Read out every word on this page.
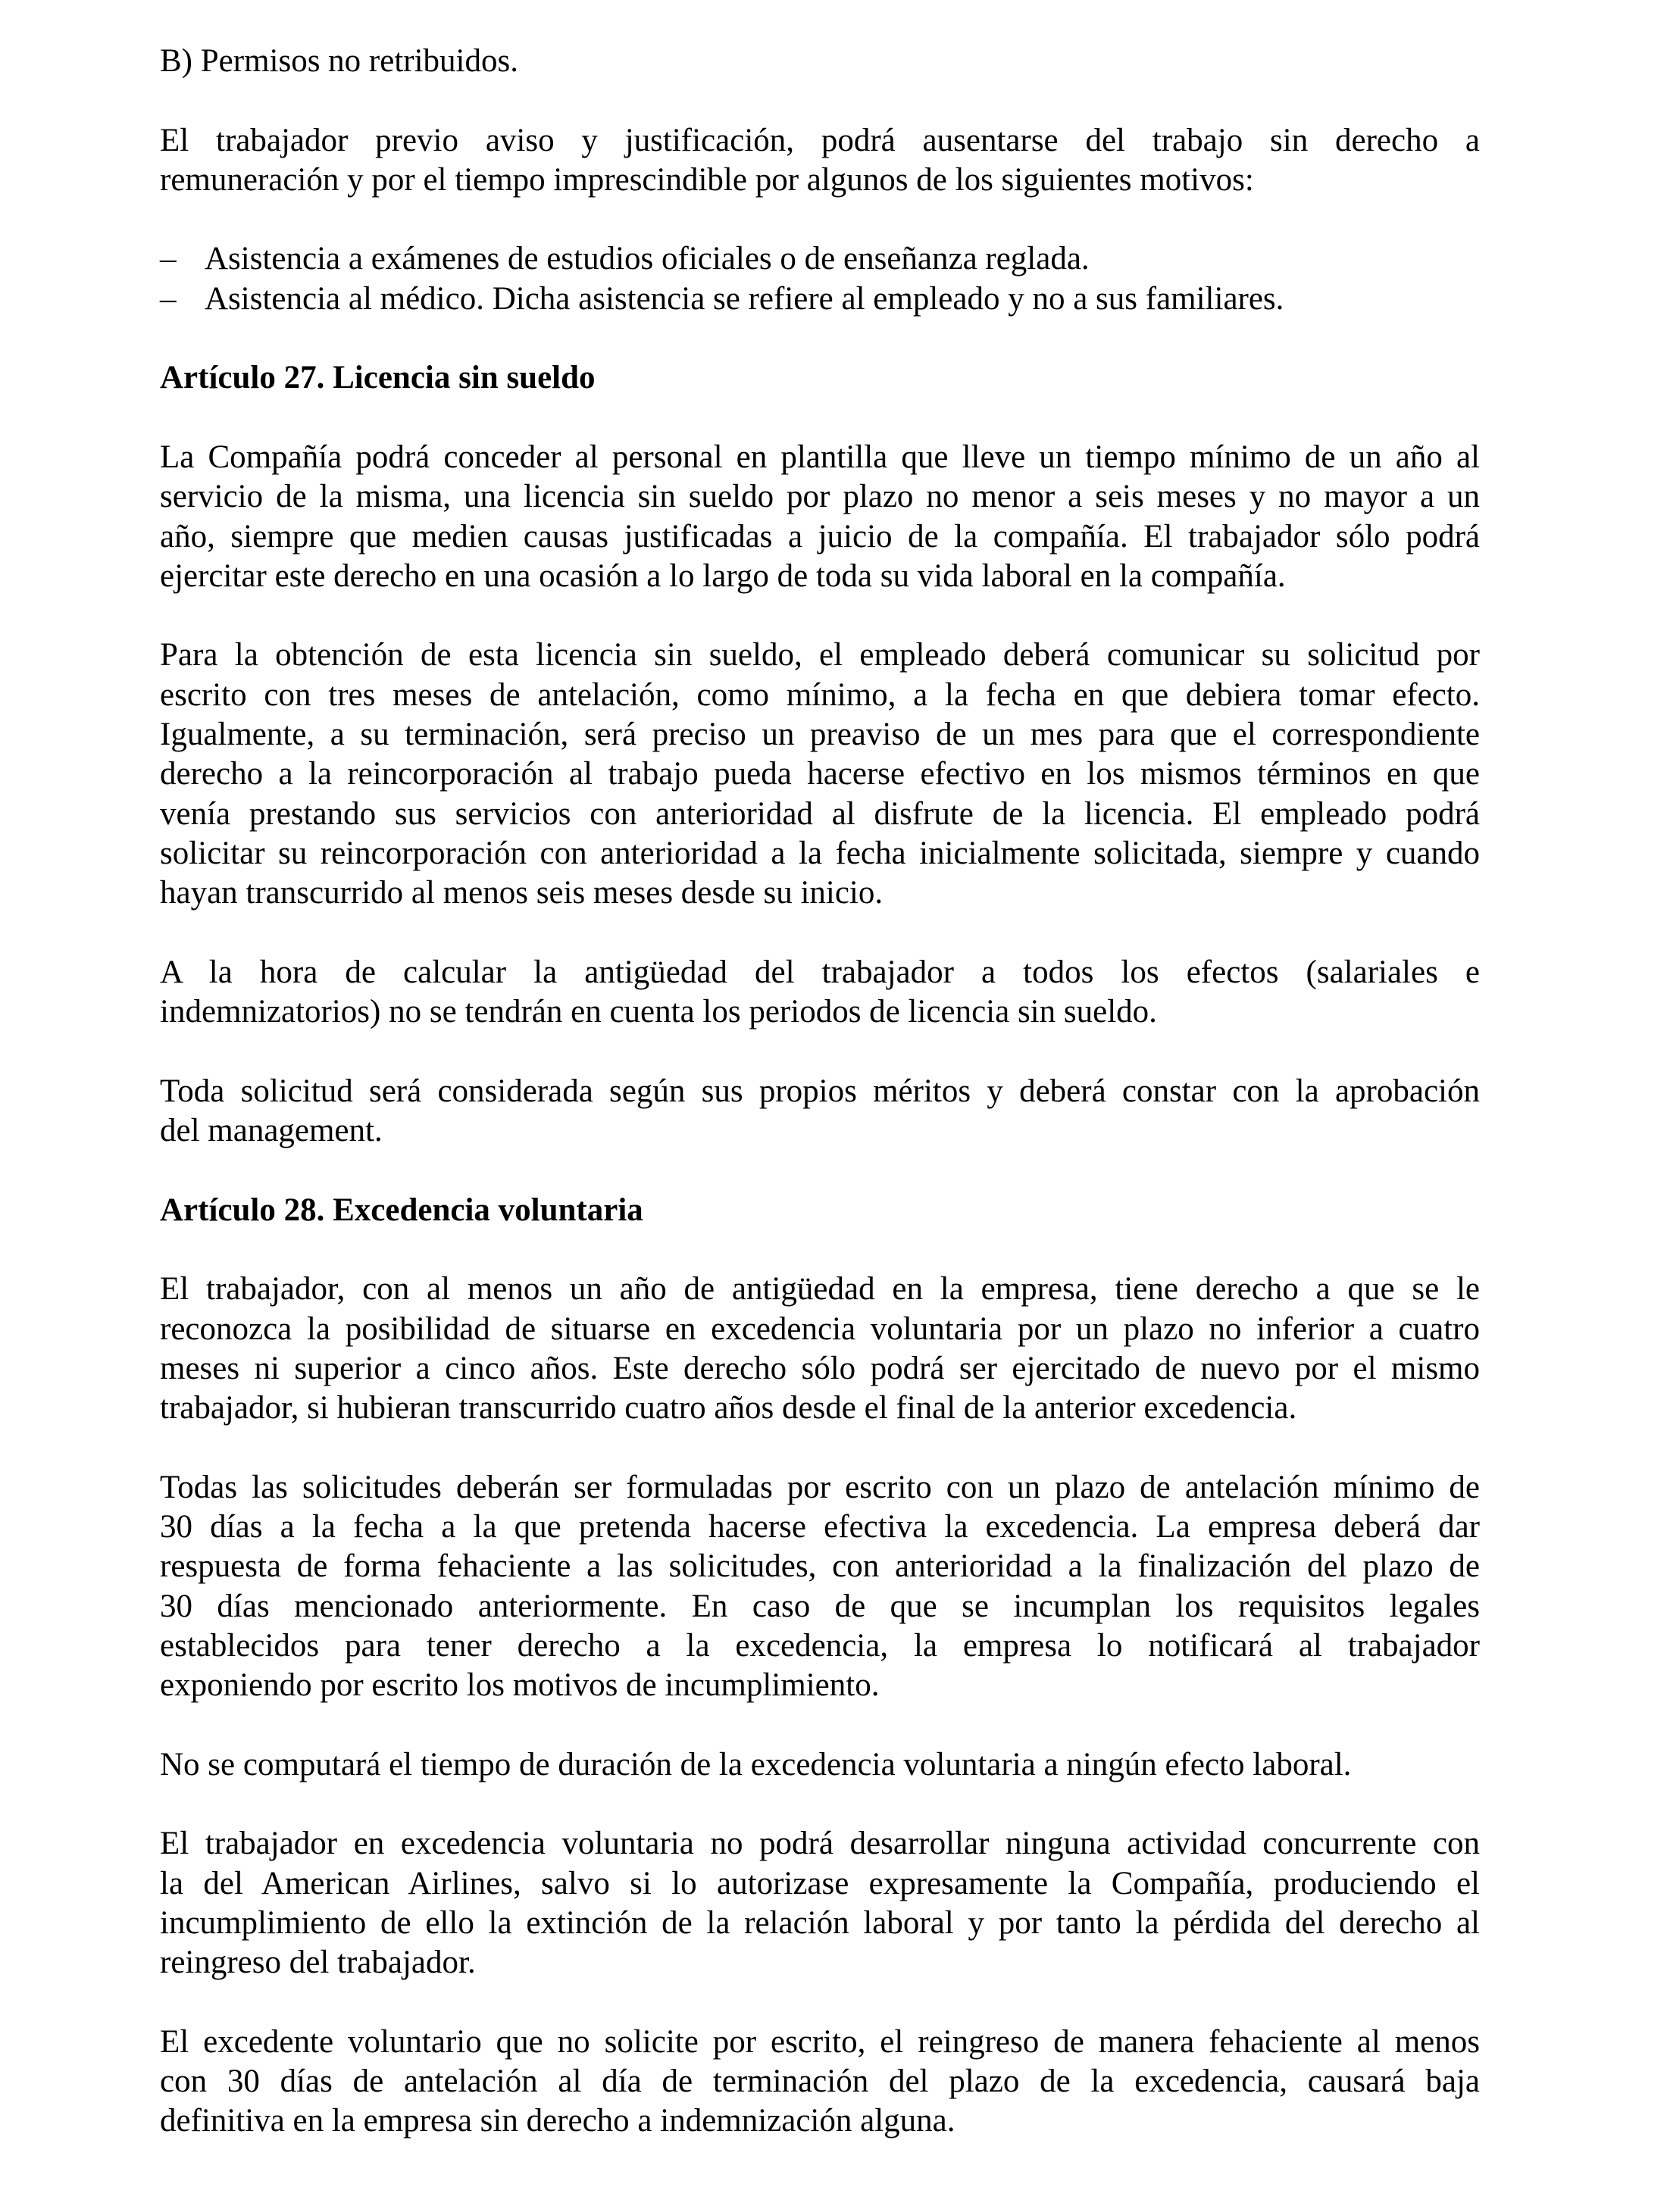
B) Permisos no retribuidos.
El trabajador previo aviso y justificación, podrá ausentarse del trabajo sin derecho a
remuneración y por el tiempo imprescindible por algunos de los siguientes motivos:
– Asistencia a exámenes de estudios oficiales o de enseñanza reglada.
– Asistencia al médico. Dicha asistencia se refiere al empleado y no a sus familiares.
Artículo 27. Licencia sin sueldo
La Compañía podrá conceder al personal en plantilla que lleve un tiempo mínimo de un año al
servicio de la misma, una licencia sin sueldo por plazo no menor a seis meses y no mayor a un
año, siempre que medien causas justificadas a juicio de la compañía. El trabajador sólo podrá
ejercitar este derecho en una ocasión a lo largo de toda su vida laboral en la compañía.
Para la obtención de esta licencia sin sueldo, el empleado deberá comunicar su solicitud por
escrito con tres meses de antelación, como mínimo, a la fecha en que debiera tomar efecto.
Igualmente, a su terminación, será preciso un preaviso de un mes para que el correspondiente
derecho a la reincorporación al trabajo pueda hacerse efectivo en los mismos términos en que
venía prestando sus servicios con anterioridad al disfrute de la licencia. El empleado podrá
solicitar su reincorporación con anterioridad a la fecha inicialmente solicitada, siempre y cuando
hayan transcurrido al menos seis meses desde su inicio.
A la hora de calcular la antigüedad del trabajador a todos los efectos (salariales e
indemnizatorios) no se tendrán en cuenta los periodos de licencia sin sueldo.
Toda solicitud será considerada según sus propios méritos y deberá constar con la aprobación
del management.
Artículo 28. Excedencia voluntaria
El trabajador, con al menos un año de antigüedad en la empresa, tiene derecho a que se le
reconozca la posibilidad de situarse en excedencia voluntaria por un plazo no inferior a cuatro
meses ni superior a cinco años. Este derecho sólo podrá ser ejercitado de nuevo por el mismo
trabajador, si hubieran transcurrido cuatro años desde el final de la anterior excedencia.
Todas las solicitudes deberán ser formuladas por escrito con un plazo de antelación mínimo de
30 días a la fecha a la que pretenda hacerse efectiva la excedencia. La empresa deberá dar
respuesta de forma fehaciente a las solicitudes, con anterioridad a la finalización del plazo de
30 días mencionado anteriormente. En caso de que se incumplan los requisitos legales
establecidos para tener derecho a la excedencia, la empresa lo notificará al trabajador
exponiendo por escrito los motivos de incumplimiento.
No se computará el tiempo de duración de la excedencia voluntaria a ningún efecto laboral.
El trabajador en excedencia voluntaria no podrá desarrollar ninguna actividad concurrente con
la del American Airlines, salvo si lo autorizase expresamente la Compañía, produciendo el
incumplimiento de ello la extinción de la relación laboral y por tanto la pérdida del derecho al
reingreso del trabajador.
El excedente voluntario que no solicite por escrito, el reingreso de manera fehaciente al menos
con 30 días de antelación al día de terminación del plazo de la excedencia, causará baja
definitiva en la empresa sin derecho a indemnización alguna.
